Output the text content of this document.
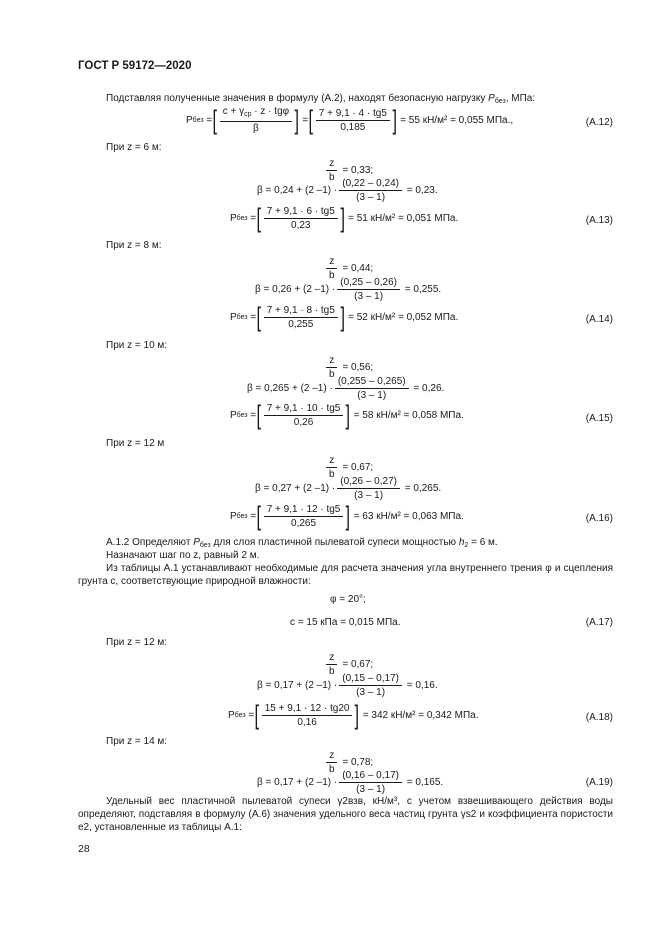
ГОСТ Р 59172—2020
Подставляя полученные значения в формулу (А.2), находят безопасную нагрузку $P_{без}$, МПа:
P без
= [ $\frac{c + \gamma_{cp} \cdot z \cdot tg\varphi}{\beta}$ ] = [ $\frac{7 + 9,1 \cdot 4 \cdot tg5}{0,185}$ ]
= 55 кН/м² = 0,055 МПа.,	(А.12)
При z = 6 м:
$\frac{z}{b}$
= 0,33;
β = 0,24 + (2 $-1) \cdot \frac{(0,22 - 0,24)}{(3 - 1)}$
= 0,23.
P без
= [ $\frac{7 + 9,1 \cdot 6 \cdot tg5}{0,23}$ ]
= 51 кН/м² = 0,051 МПа.	(А.13)
При z = 8 м:
$\frac{z}{b}$
= 0,44;
β = 0,26 + (2 $-1) \cdot \frac{(0,25 - 0,26)}{(3 - 1)}$
= 0,255.
P без
= [ $\frac{7 + 9,1 \cdot 8 \cdot tg5}{0,255}$ ]
= 52 кН/м² = 0,052 МПа.	(А.14)
При z = 10 м:
$\frac{z}{b}$
= 0,56;
β = 0,265 + (2 $-1) \cdot \frac{(0,255 - 0,265)}{(3 - 1)}$
= 0,26.
P без
= [ $\frac{7 + 9,1 \cdot 10 \cdot tg5}{0,26}$ ]
= 58 кН/м² = 0,058 МПа.	(А.15)
При z = 12 м
$\frac{z}{b}$
= 0,67;
β = 0,27 + (2 $-1) \cdot \frac{(0,26 - 0,27)}{(3 - 1)}$
= 0,265.
P без
= [ $\frac{7 + 9,1 \cdot 12 \cdot tg5}{0,265}$ ]
= 63 кН/м² = 0,063 МПа.	(А.16)
А.1.2 Определяют $P_{без}$ для слоя пластичной пылеватой супеси мощностью $h_2 = 6$ м.
Назначают шаг по z, равный 2 м.
Из таблицы А.1 устанавливают необходимые для расчета значения угла внутреннего трения φ и сцепления грунта c, соответствующие природной влажности:
φ = 20°;
c = 15 кПа = 0,015 МПа.	(А.17)
При z = 12 м:
$\frac{z}{b}$
= 0,67;
β = 0,17 + (2 $-1) \cdot \frac{(0,15 - 0,17)}{(3 - 1)}$
= 0,16.
P без
= [ $\frac{15 + 9,1 \cdot 12 \cdot tg20}{0,16}$ ]
= 342 кН/м² = 0,342 МПа.	(А.18)
При z = 14 м:
$\frac{z}{b}$
= 0,78;
β = 0,17 + (2 $-1) \cdot \frac{(0,16 - 0,17)}{(3 - 1)}$
= 0,165.	(А.19)
Удельный вес пластичной пылеватой супеси γ2взв, кН/м³, с учетом взвешивающего действия воды определяют, подставляя в формулу (А.6) значения удельного веса частиц грунта γs2 и коэффициента пористости e2, установленные из таблицы А.1:
28
